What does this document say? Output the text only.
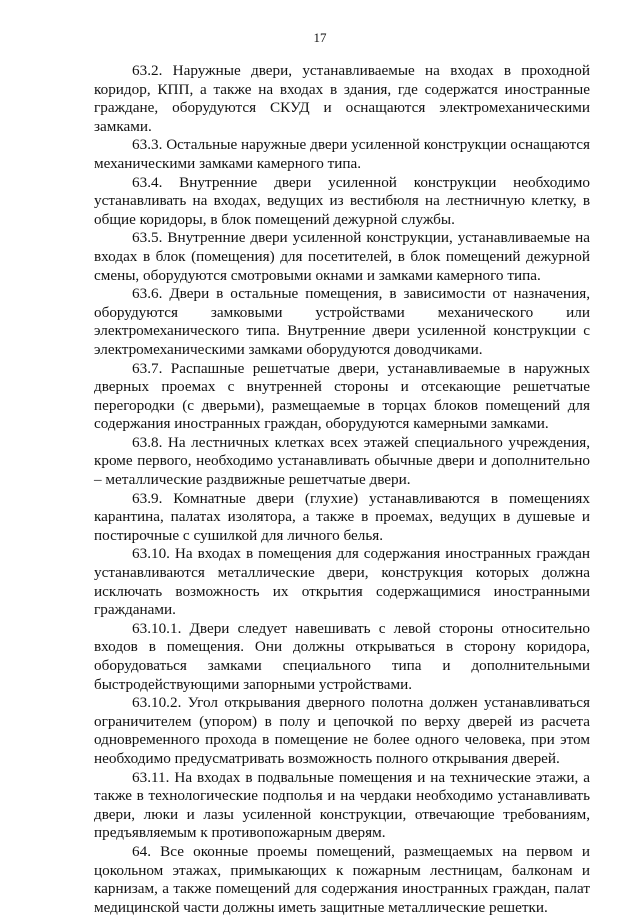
17

63.2. Наружные двери, устанавливаемые на входах в проходной коридор, КПП, а также на входах в здания, где содержатся иностранные граждане, оборудуются СКУД и оснащаются электромеханическими замками.

63.3. Остальные наружные двери усиленной конструкции оснащаются механическими замками камерного типа.

63.4. Внутренние двери усиленной конструкции необходимо устанавливать на входах, ведущих из вестибюля на лестничную клетку, в общие коридоры, в блок помещений дежурной службы.

63.5. Внутренние двери усиленной конструкции, устанавливаемые на входах в блок (помещения) для посетителей, в блок помещений дежурной смены, оборудуются смотровыми окнами и замками камерного типа.

63.6. Двери в остальные помещения, в зависимости от назначения, оборудуются замковыми устройствами механического или электромеханического типа. Внутренние двери усиленной конструкции с электромеханическими замками оборудуются доводчиками.

63.7. Распашные решетчатые двери, устанавливаемые в наружных дверных проемах с внутренней стороны и отсекающие решетчатые перегородки (с дверьми), размещаемые в торцах блоков помещений для содержания иностранных граждан, оборудуются камерными замками.

63.8. На лестничных клетках всех этажей специального учреждения, кроме первого, необходимо устанавливать обычные двери и дополнительно – металлические раздвижные решетчатые двери.

63.9. Комнатные двери (глухие) устанавливаются в помещениях карантина, палатах изолятора, а также в проемах, ведущих в душевые и постирочные с сушилкой для личного белья.

63.10. На входах в помещения для содержания иностранных граждан устанавливаются металлические двери, конструкция которых должна исключать возможность их открытия содержащимися иностранными гражданами.

63.10.1. Двери следует навешивать с левой стороны относительно входов в помещения. Они должны открываться в сторону коридора, оборудоваться замками специального типа и дополнительными быстродействующими запорными устройствами.

63.10.2. Угол открывания дверного полотна должен устанавливаться ограничителем (упором) в полу и цепочкой по верху дверей из расчета одновременного прохода в помещение не более одного человека, при этом необходимо предусматривать возможность полного открывания дверей.

63.11. На входах в подвальные помещения и на технические этажи, а также в технологические подполья и на чердаки необходимо устанавливать двери, люки и лазы усиленной конструкции, отвечающие требованиям, предъявляемым к противопожарным дверям.

64. Все оконные проемы помещений, размещаемых на первом и цокольном этажах, примыкающих к пожарным лестницам, балконам и карнизам, а также помещений для содержания иностранных граждан, палат медицинской части должны иметь защитные металлические решетки.
